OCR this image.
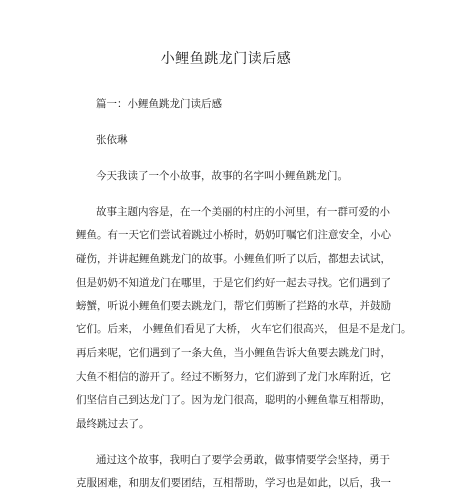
小鲤鱼跳龙门读后感
篇一：小鲤鱼跳龙门读后感
张依琳
今天我读了一个小故事，故事的名字叫小鲤鱼跳龙门。
故事主题内容是，在一个美丽的村庄的小河里，有一群可爱的小
鲤鱼。有一天它们尝试着跳过小桥时，奶奶叮嘱它们注意安全，小心
碰伤，并讲起鲤鱼跳龙门的故事。小鲤鱼们听了以后，都想去试试，
但是奶奶不知道龙门在哪里，于是它们约好一起去寻找。它们遇到了
螃蟹，听说小鲤鱼们要去跳龙门，帮它们剪断了拦路的水草，并鼓励
它们。后来， 小鲤鱼们看见了大桥， 火车它们很高兴， 但是不是龙门。
再后来呢，它们遇到了一条大鱼，当小鲤鱼告诉大鱼要去跳龙门时，
大鱼不相信的游开了。经过不断努力，它们游到了龙门水库附近，它
们坚信自己到达龙门了。因为龙门很高，聪明的小鲤鱼靠互相帮助，
最终跳过去了。
通过这个故事，我明白了要学会勇敢，做事情要学会坚持，勇于
克服困难，和朋友们要团结，互相帮助，学习也是如此，以后，我一
